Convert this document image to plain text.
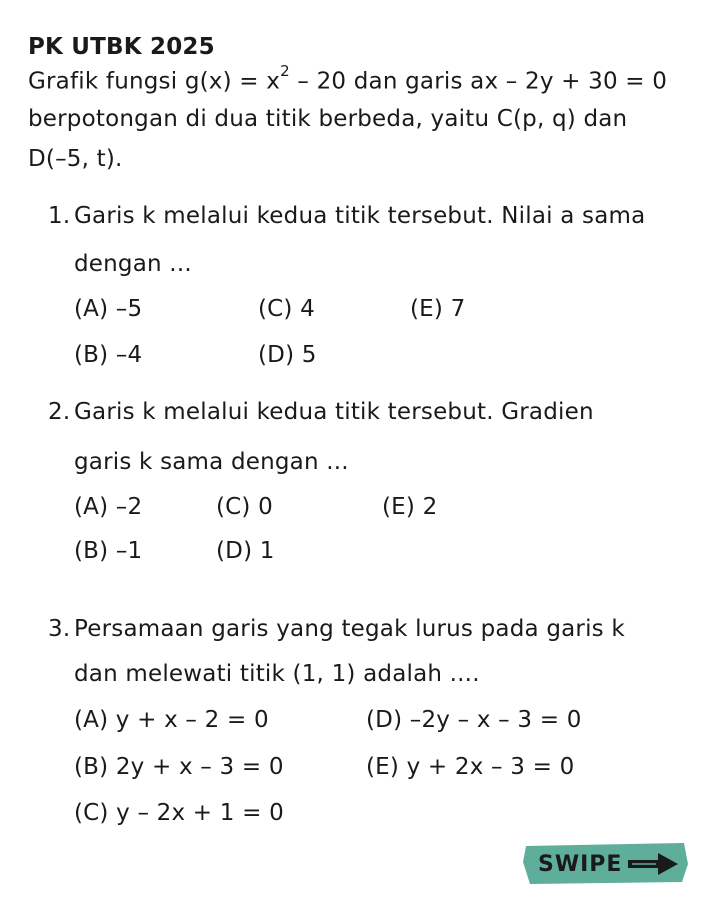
PK UTBK 2025
Grafik fungsi $g(x) = x^2 - 20$ dan garis ax – 2y + 30 = 0
berpotongan di dua titik berbeda, yaitu C(p, q) dan
D(–5, t).
1. Garis k melalui kedua titik tersebut. Nilai a sama
dengan ...
(A) –5	(C) 4	(E) 7
(B) –4	(D) 5
2. Garis k melalui kedua titik tersebut. Gradien
garis k sama dengan ...
(A) –2	(C) 0	(E) 2
(B) –1	(D) 1
3. Persamaan garis yang tegak lurus pada garis k
dan melewati titik (1, 1) adalah ....
(A) y + x – 2 = 0	(D) –2y – x – 3 = 0
(B) 2y + x – 3 = 0	(E) y + 2x – 3 = 0
(C) y – 2x + 1 = 0
SWIPE
